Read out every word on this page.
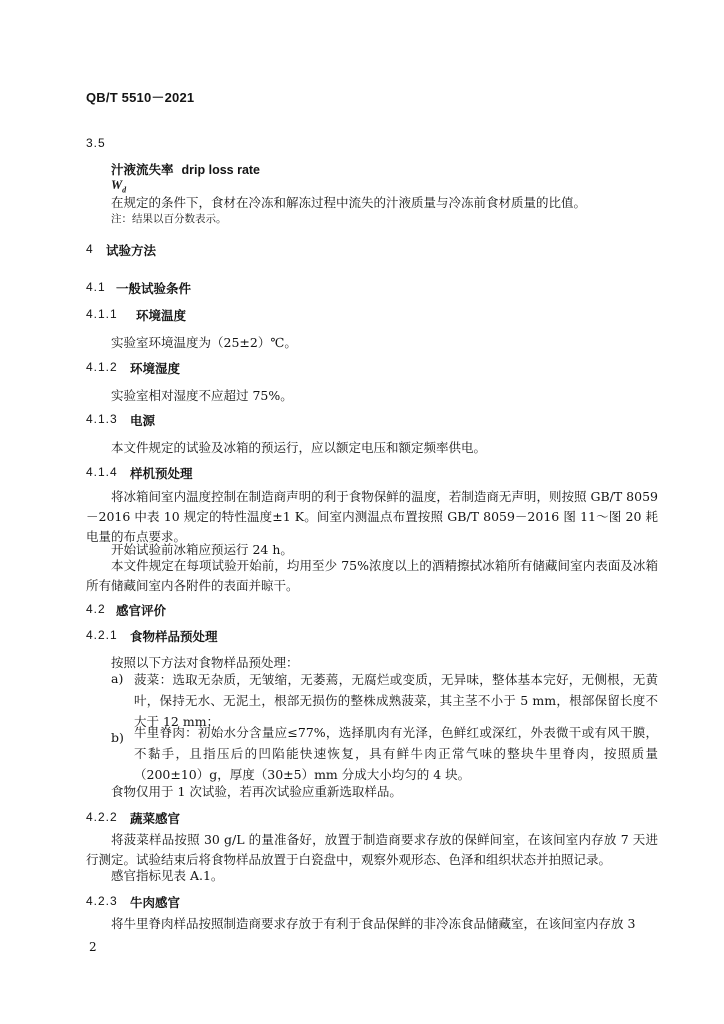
QB/T 5510－2021
3.5
汁液流失率 drip loss rate
$W_d$
在规定的条件下，食材在冷冻和解冻过程中流失的汁液质量与冷冻前食材质量的比值。
注：结果以百分数表示。
4 试验方法
4.1 一般试验条件
4.1.1 环境温度
实验室环境温度为（25±2）℃。
4.1.2 环境湿度
实验室相对湿度不应超过 75%。
4.1.3 电源
本文件规定的试验及冰箱的预运行，应以额定电压和额定频率供电。
4.1.4 样机预处理
将冰箱间室内温度控制在制造商声明的利于食物保鲜的温度，若制造商无声明，则按照 GB/T 8059－2016 中表 10 规定的特性温度±1 K。间室内测温点布置按照 GB/T 8059－2016 图 11～图 20 耗电量的布点要求。
开始试验前冰箱应预运行 24 h。
本文件规定在每项试验开始前，均用至少 75%浓度以上的酒精擦拭冰箱所有储藏间室内表面及冰箱所有储藏间室内各附件的表面并晾干。
4.2 感官评价
4.2.1 食物样品预处理
按照以下方法对食物样品预处理：
a) 菠菜：选取无杂质，无皱缩，无萎蔫，无腐烂或变质，无异味，整体基本完好，无侧根，无黄叶，保持无水、无泥土，根部无损伤的整株成熟菠菜，其主茎不小于 5 mm，根部保留长度不大于 12 mm；
b) 牛里脊肉：初始水分含量应≤77%，选择肌肉有光泽，色鲜红或深红，外表微干或有风干膜，不黏手，且指压后的凹陷能快速恢复，具有鲜牛肉正常气味的整块牛里脊肉，按照质量（200±10）g，厚度（30±5）mm 分成大小均匀的 4 块。
食物仅用于 1 次试验，若再次试验应重新选取样品。
4.2.2 蔬菜感官
将菠菜样品按照 30 g/L 的量准备好，放置于制造商要求存放的保鲜间室，在该间室内存放 7 天进行测定。试验结束后将食物样品放置于白瓷盘中，观察外观形态、色泽和组织状态并拍照记录。
感官指标见表 A.1。
4.2.3 牛肉感官
将牛里脊肉样品按照制造商要求存放于有利于食品保鲜的非冷冻食品储藏室，在该间室内存放 3
2
